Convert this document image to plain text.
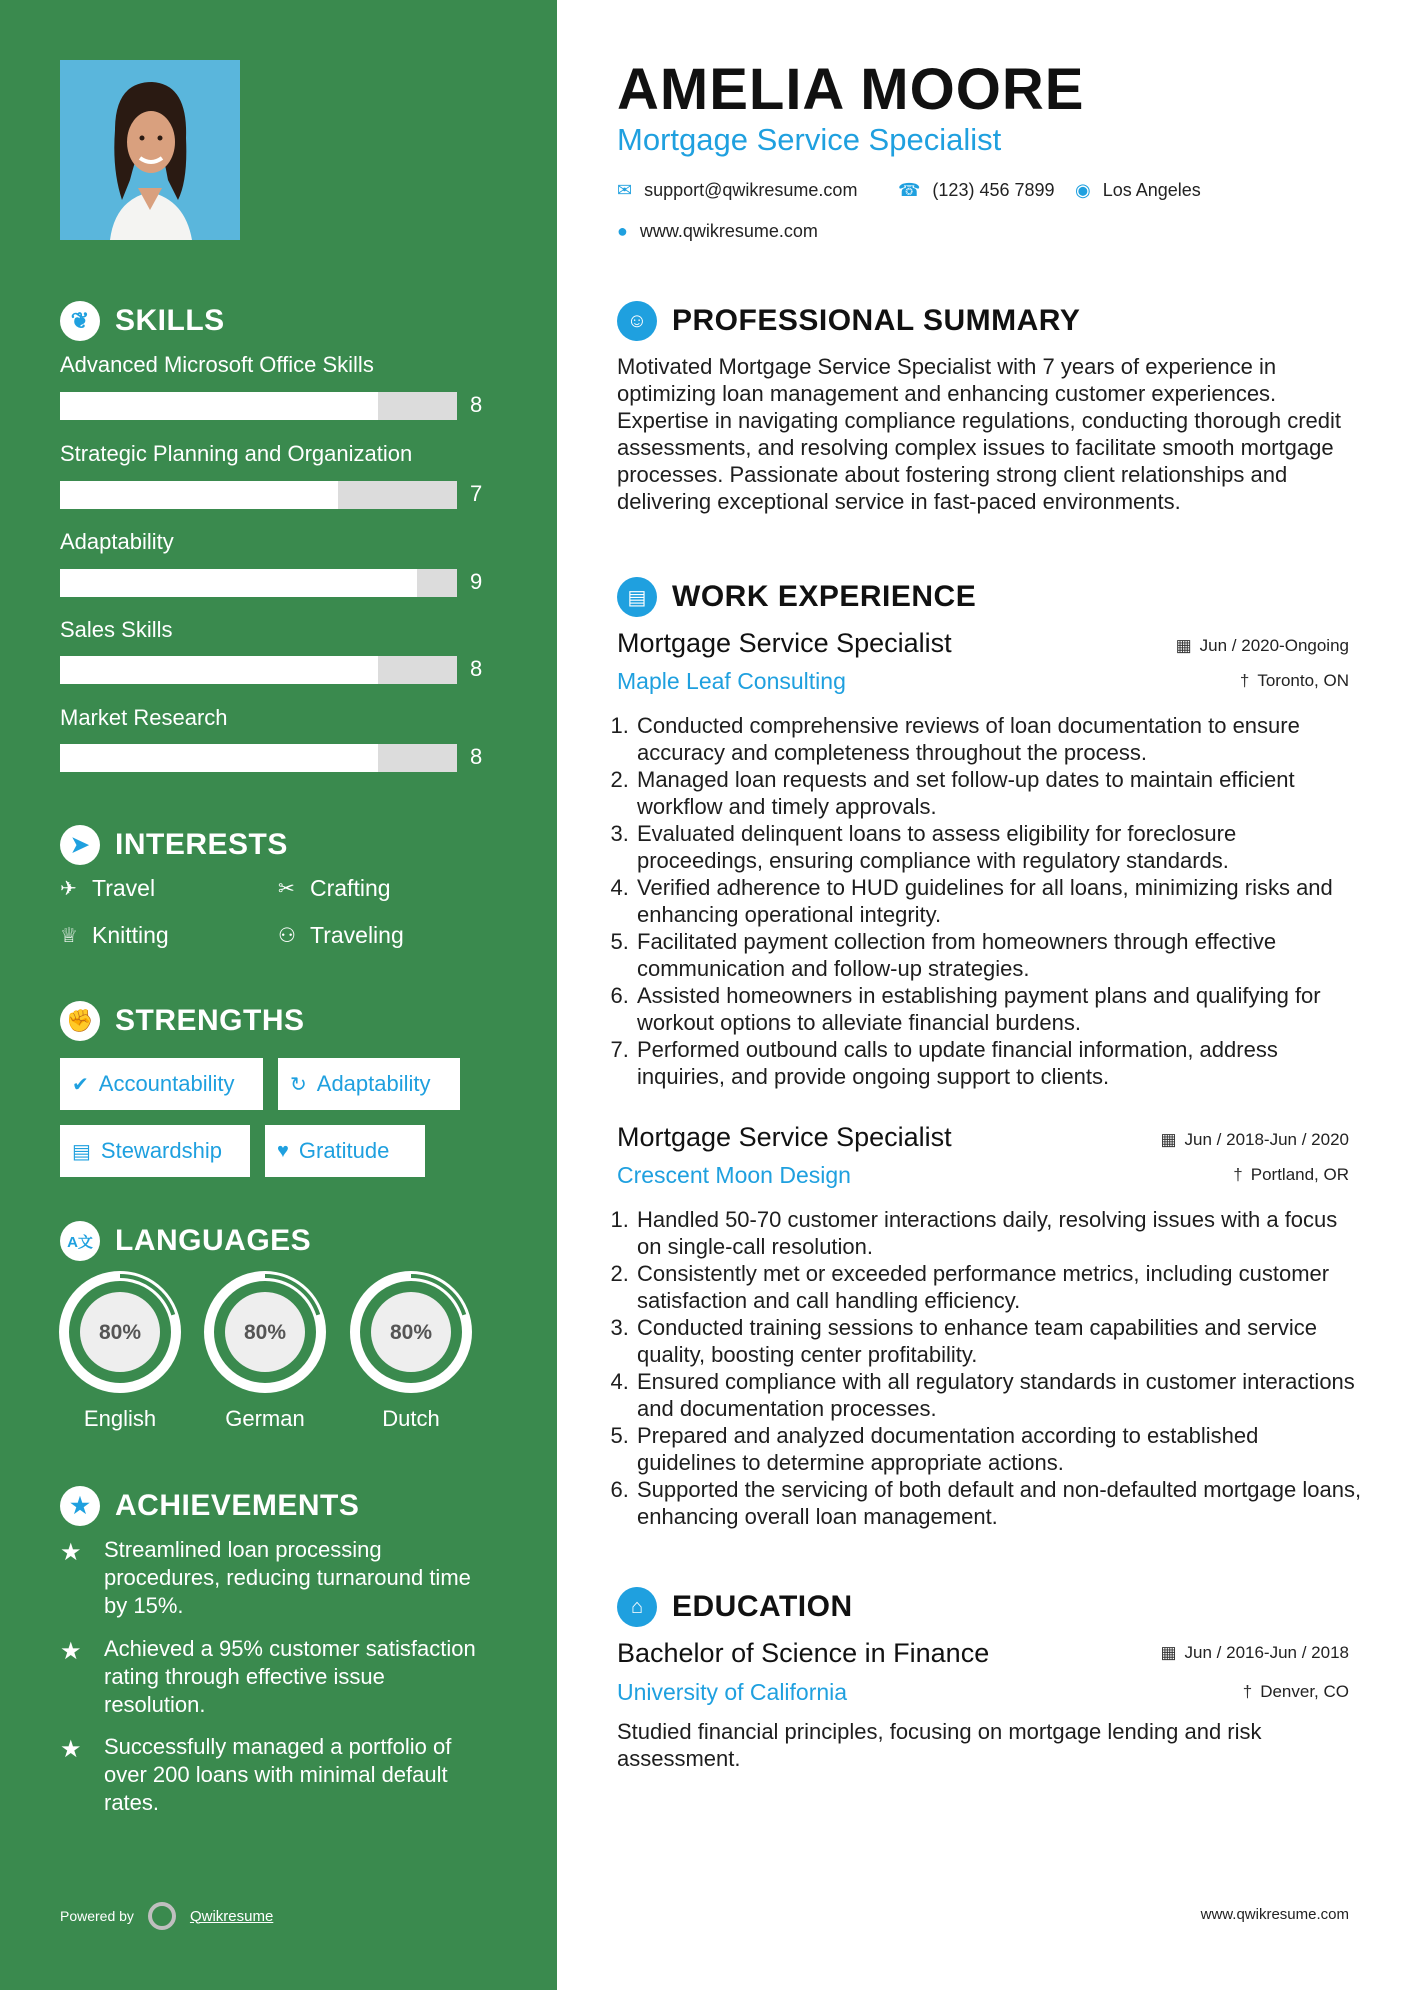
❦ SKILLS
Advanced Microsoft Office Skills
8
Strategic Planning and Organization
7
Adaptability
9
Sales Skills
8
Market Research
8
➤ INTERESTS
✈ Travel	✂ Crafting
♕ Knitting	⚇ Traveling
✊ STRENGTHS
✔ Accountability	↻ Adaptability
▤ Stewardship	♥ Gratitude
A文 LANGUAGES
80%
English
80%
German
80%
Dutch
★ ACHIEVEMENTS
★	Streamlined loan processing procedures, reducing turnaround time by 15%.
★	Achieved a 95% customer satisfaction rating through effective issue resolution.
★	Successfully managed a portfolio of over 200 loans with minimal default rates.
Powered by	Qwikresume
AMELIA MOORE
Mortgage Service Specialist
✉ support@qwikresume.com ☎ (123) 456 7899 ◉ Los Angeles
● www.qwikresume.com
☺ PROFESSIONAL SUMMARY
Motivated Mortgage Service Specialist with 7 years of experience in optimizing loan management and enhancing customer experiences. Expertise in navigating compliance regulations, conducting thorough credit assessments, and resolving complex issues to facilitate smooth mortgage processes. Passionate about fostering strong client relationships and delivering exceptional service in fast-paced environments.
▤ WORK EXPERIENCE
Mortgage Service Specialist	▦ Jun / 2020-Ongoing
Maple Leaf Consulting	† Toronto, ON
1. Conducted comprehensive reviews of loan documentation to ensure accuracy and completeness throughout the process.
2. Managed loan requests and set follow-up dates to maintain efficient workflow and timely approvals.
3. Evaluated delinquent loans to assess eligibility for foreclosure proceedings, ensuring compliance with regulatory standards.
4. Verified adherence to HUD guidelines for all loans, minimizing risks and enhancing operational integrity.
5. Facilitated payment collection from homeowners through effective communication and follow-up strategies.
6. Assisted homeowners in establishing payment plans and qualifying for workout options to alleviate financial burdens.
7. Performed outbound calls to update financial information, address inquiries, and provide ongoing support to clients.
Mortgage Service Specialist	▦ Jun / 2018-Jun / 2020
Crescent Moon Design	† Portland, OR
1. Handled 50-70 customer interactions daily, resolving issues with a focus on single-call resolution.
2. Consistently met or exceeded performance metrics, including customer satisfaction and call handling efficiency.
3. Conducted training sessions to enhance team capabilities and service quality, boosting center profitability.
4. Ensured compliance with all regulatory standards in customer interactions and documentation processes.
5. Prepared and analyzed documentation according to established guidelines to determine appropriate actions.
6. Supported the servicing of both default and non-defaulted mortgage loans, enhancing overall loan management.
⌂ EDUCATION
Bachelor of Science in Finance	▦ Jun / 2016-Jun / 2018
University of California	† Denver, CO
Studied financial principles, focusing on mortgage lending and risk assessment.
www.qwikresume.com
